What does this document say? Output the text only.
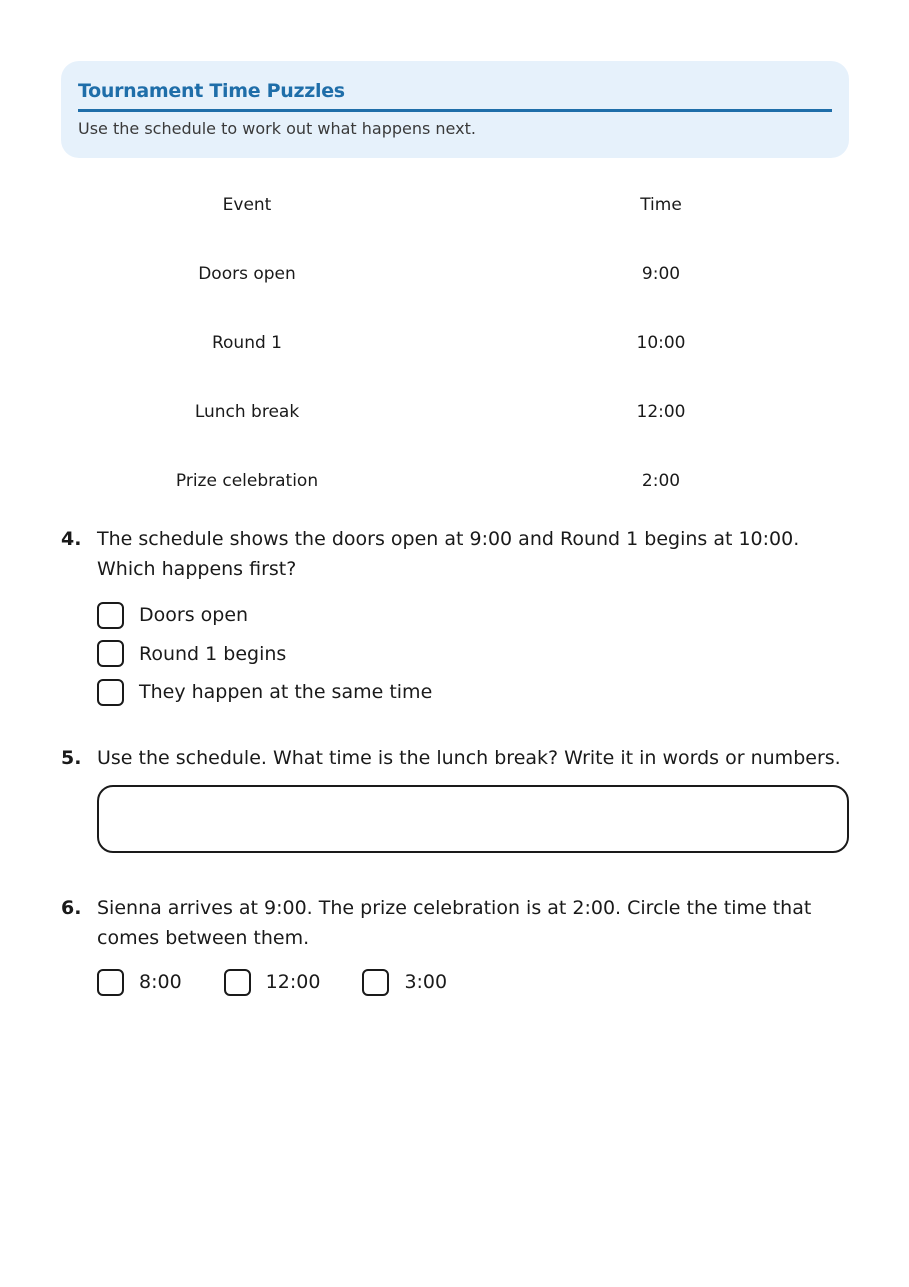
Tournament Time Puzzles
Use the schedule to work out what happens next.
Event	Time
Doors open	9:00
Round 1	10:00
Lunch break	12:00
Prize celebration	2:00
4. The schedule shows the doors open at 9:00 and Round 1 begins at 10:00. Which happens first?
Doors open
Round 1 begins
They happen at the same time
5. Use the schedule. What time is the lunch break? Write it in words or numbers.
6. Sienna arrives at 9:00. The prize celebration is at 2:00. Circle the time that comes between them.
8:00	12:00	3:00
